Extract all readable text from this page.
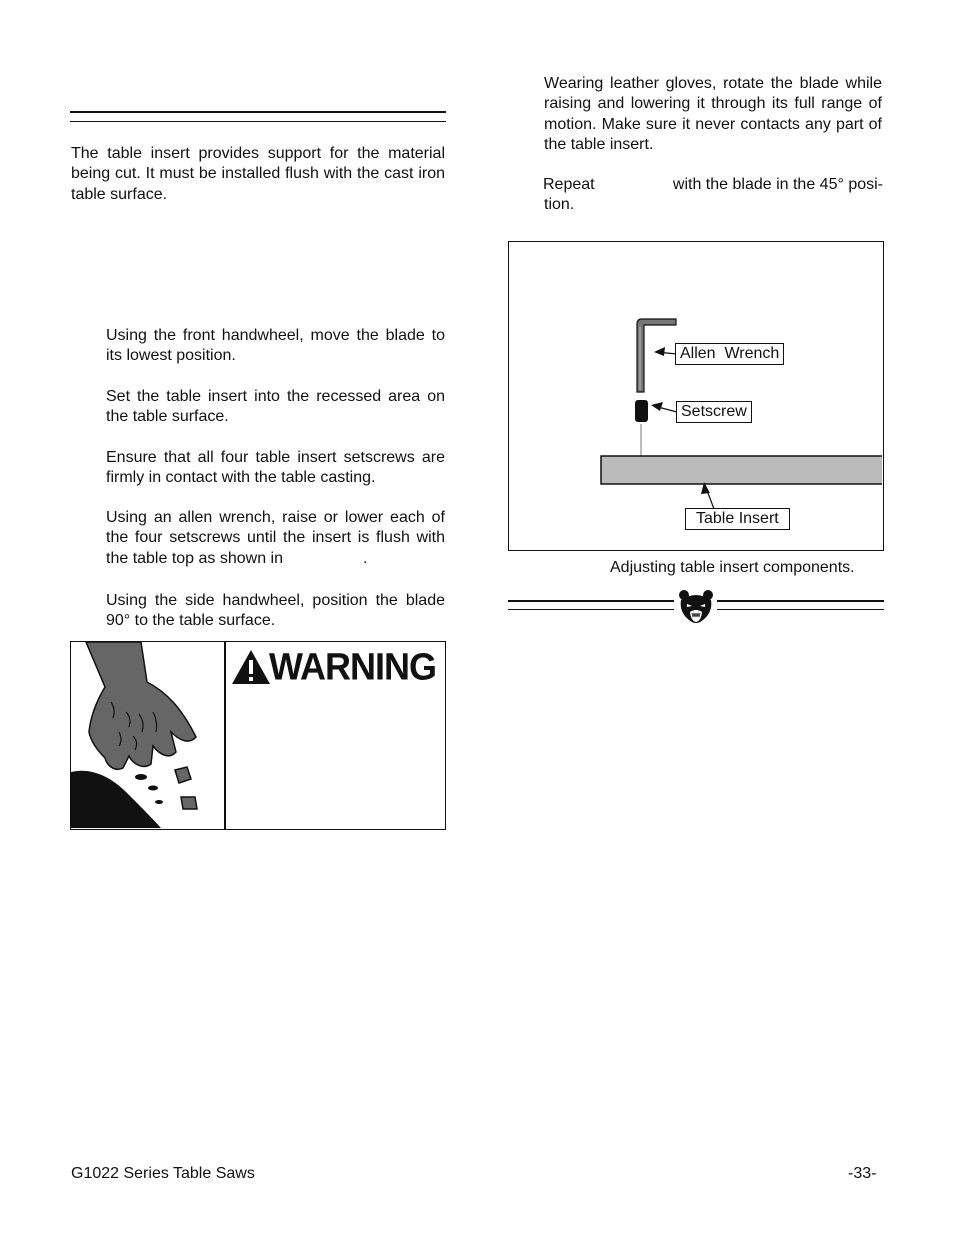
The table insert provides support for the material being cut. It must be installed flush with the cast iron table surface.
Using the front handwheel, move the blade to its lowest position.
Set the table insert into the recessed area on the table surface.
Ensure that all four table insert setscrews are firmly in contact with the table casting.
Using an allen wrench, raise or lower each of the four setscrews until the insert is flush with the table top as shown in	.
Using the side handwheel, position the blade 90° to the table surface.
WARNING
Wearing leather gloves, rotate the blade while raising and lowering it through its full range of motion. Make sure it never contacts any part of the table insert.
Repeat	with the blade in the 45° posi-
tion.
Allen  Wrench
Setscrew
Table Insert
Adjusting table insert components.
G1022 Series Table Saws	-33-
